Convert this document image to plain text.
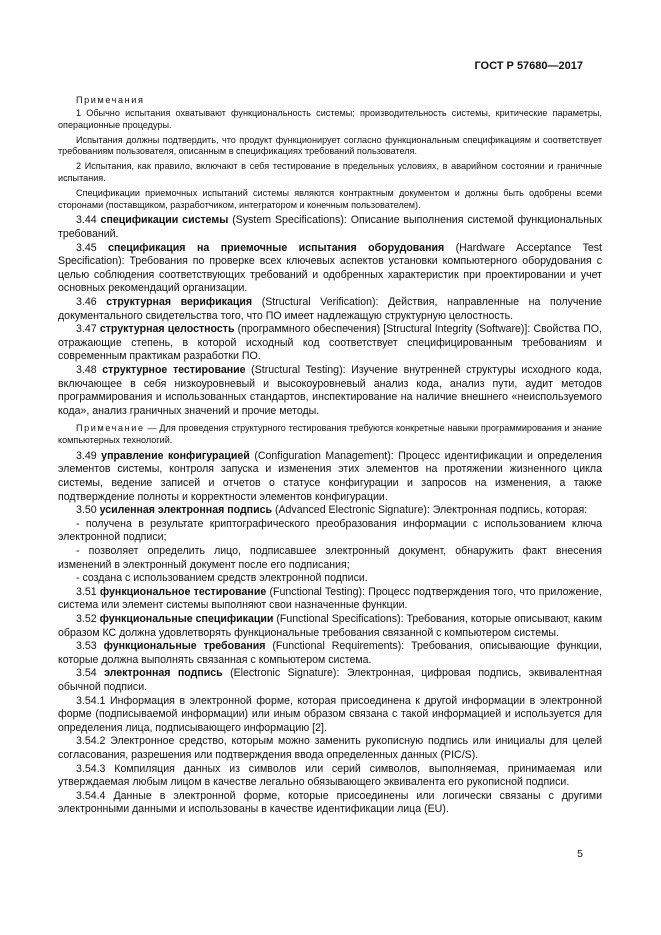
ГОСТ Р 57680—2017
Примечания

1 Обычно испытания охватывают функциональность системы; производительность системы, критические параметры, операционные процедуры.

Испытания должны подтвердить, что продукт функционирует согласно функциональным спецификациям и соответствует требованиям пользователя, описанным в спецификациях требований пользователя.

2 Испытания, как правило, включают в себя тестирование в предельных условиях, в аварийном состоянии и граничные испытания.

Спецификации приемочных испытаний системы являются контрактным документом и должны быть одобрены всеми сторонами (поставщиком, разработчиком, интегратором и конечным пользователем).

3.44 спецификации системы (System Specifications): Описание выполнения системой функциональных требований.

3.45 спецификация на приемочные испытания оборудования (Hardware Acceptance Test Specification): Требования по проверке всех ключевых аспектов установки компьютерного оборудования с целью соблюдения соответствующих требований и одобренных характеристик при проектировании и учет основных рекомендаций организации.

3.46 структурная верификация (Structural Verification): Действия, направленные на получение документального свидетельства того, что ПО имеет надлежащую структурную целостность.

3.47 структурная целостность (программного обеспечения) [Structural Integrity (Software)]: Свойства ПО, отражающие степень, в которой исходный код соответствует специфицированным требованиям и современным практикам разработки ПО.

3.48 структурное тестирование (Structural Testing): Изучение внутренней структуры исходного кода, включающее в себя низкоуровневый и высокоуровневый анализ кода, анализ пути, аудит методов программирования и использованных стандартов, инспектирование на наличие внешнего «неиспользуемого кода», анализ граничных значений и прочие методы.

Примечание — Для проведения структурного тестирования требуются конкретные навыки программирования и знание компьютерных технологий.

3.49 управление конфигурацией (Configuration Management): Процесс идентификации и определения элементов системы, контроля запуска и изменения этих элементов на протяжении жизненного цикла системы, ведение записей и отчетов о статусе конфигурации и запросов на изменения, а также подтверждение полноты и корректности элементов конфигурации.

3.50 усиленная электронная подпись (Advanced Electronic Signature): Электронная подпись, которая:

- получена в результате криптографического преобразования информации с использованием ключа электронной подписи;

- позволяет определить лицо, подписавшее электронный документ, обнаружить факт внесения изменений в электронный документ после его подписания;

- создана с использованием средств электронной подписи.

3.51 функциональное тестирование (Functional Testing): Процесс подтверждения того, что приложение, система или элемент системы выполняют свои назначенные функции.

3.52 функциональные спецификации (Functional Specifications): Требования, которые описывают, каким образом КС должна удовлетворять функциональные требования связанной с компьютером системы.

3.53 функциональные требования (Functional Requirements): Требования, описывающие функции, которые должна выполнять связанная с компьютером система.

3.54 электронная подпись (Electronic Signature): Электронная, цифровая подпись, эквивалентная обычной подписи.

3.54.1 Информация в электронной форме, которая присоединена к другой информации в электронной форме (подписываемой информации) или иным образом связана с такой информацией и используется для определения лица, подписывающего информацию [2].

3.54.2 Электронное средство, которым можно заменить рукописную подпись или инициалы для целей согласования, разрешения или подтверждения ввода определенных данных (PIC/S).

3.54.3 Компиляция данных из символов или серий символов, выполняемая, принимаемая или утверждаемая любым лицом в качестве легально обязывающего эквивалента его рукописной подписи.

3.54.4 Данные в электронной форме, которые присоединены или логически связаны с другими электронными данными и использованы в качестве идентификации лица (EU).

5
